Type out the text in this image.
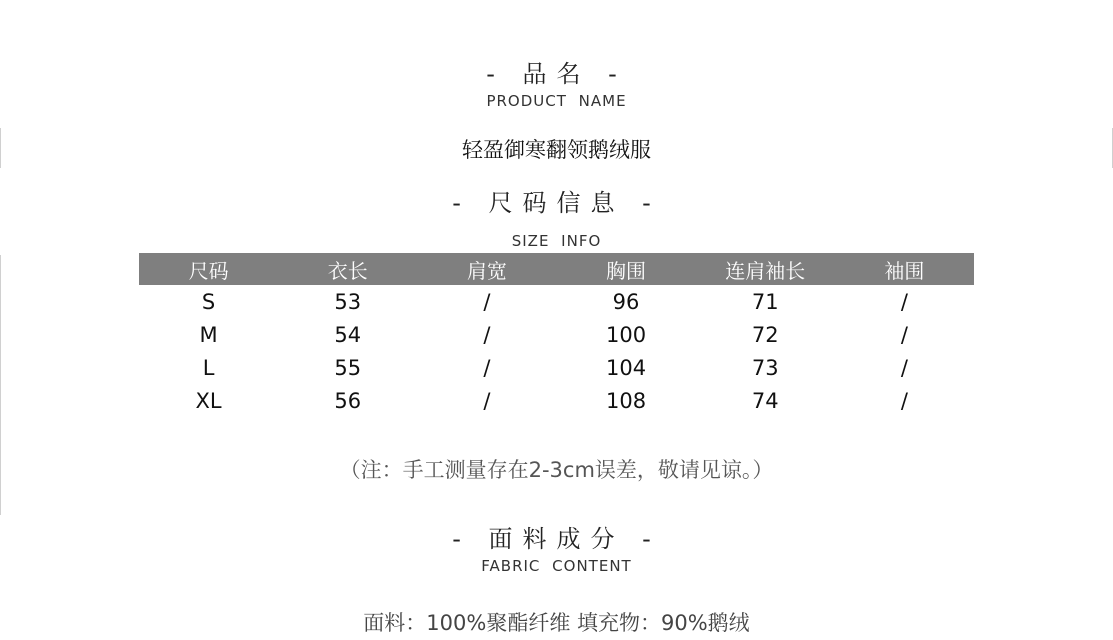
- 品名 -
PRODUCT NAME
轻盈御寒翻领鹅绒服
- 尺码信息 -
SIZE INFO
尺码	衣长	肩宽	胸围	连肩袖长	袖围
S	53	/	96	71	/
M	54	/	100	72	/
L	55	/	104	73	/
XL	56	/	108	74	/
（注：手工测量存在2-3cm误差，敬请见谅。）
- 面料成分 -
FABRIC CONTENT
面料：100%聚酯纤维 填充物：90%鹅绒
